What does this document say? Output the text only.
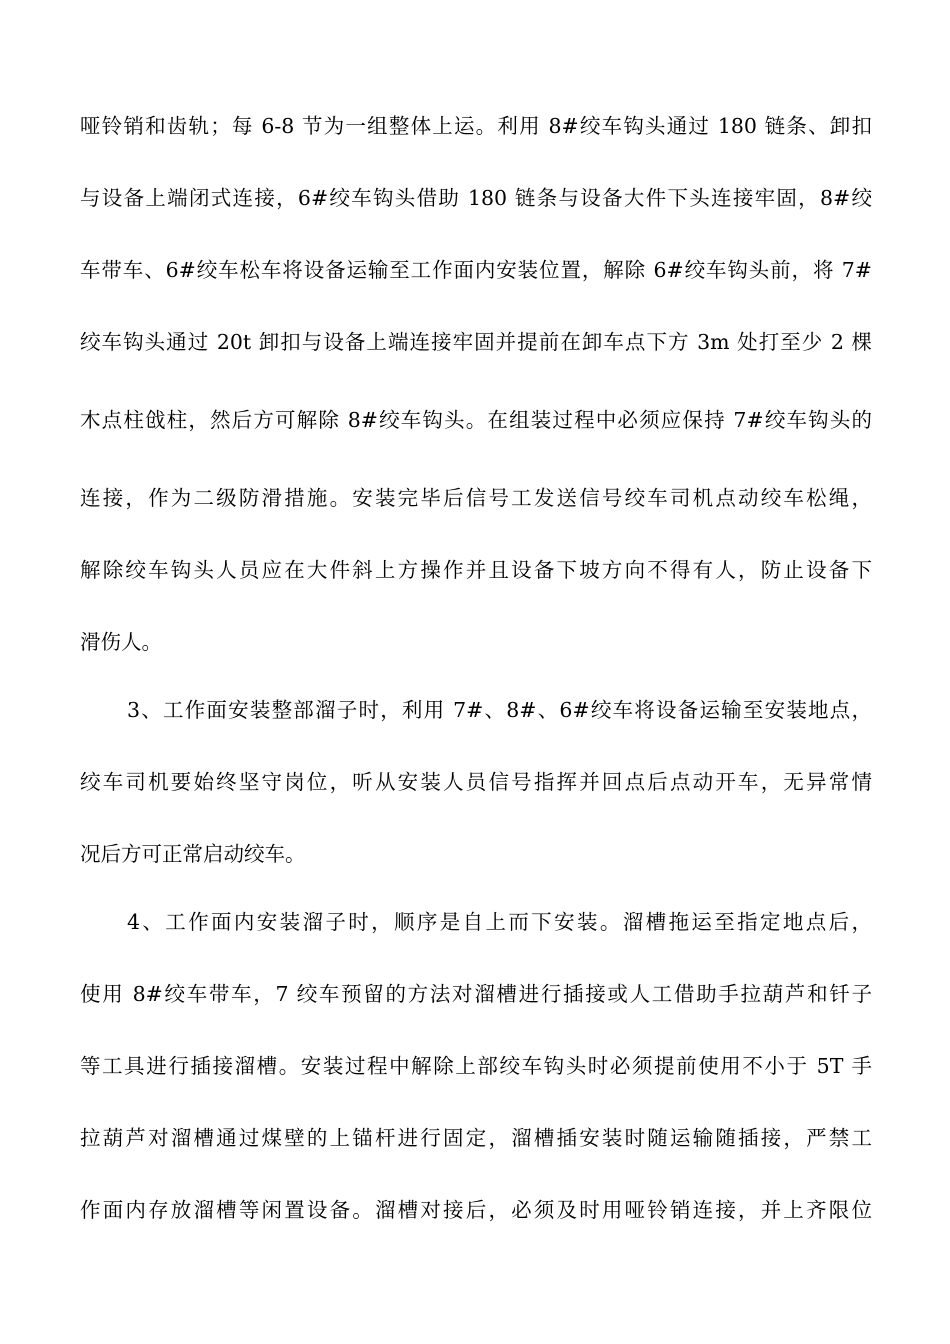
哑铃销和齿轨；每 6-8 节为一组整体上运。利用 8#绞车钩头通过 180 链条、卸扣
与设备上端闭式连接，6#绞车钩头借助 180 链条与设备大件下头连接牢固，8#绞
车带车、6#绞车松车将设备运输至工作面内安装位置，解除 6#绞车钩头前，将 7#
绞车钩头通过 20t 卸扣与设备上端连接牢固并提前在卸车点下方 3m 处打至少 2 棵
木点柱戗柱，然后方可解除 8#绞车钩头。在组装过程中必须应保持 7#绞车钩头的
连接，作为二级防滑措施。安装完毕后信号工发送信号绞车司机点动绞车松绳，
解除绞车钩头人员应在大件斜上方操作并且设备下坡方向不得有人，防止设备下
滑伤人。
3、工作面安装整部溜子时，利用 7#、8#、6#绞车将设备运输至安装地点，
绞车司机要始终坚守岗位，听从安装人员信号指挥并回点后点动开车，无异常情
况后方可正常启动绞车。
4、工作面内安装溜子时，顺序是自上而下安装。溜槽拖运至指定地点后，
使用 8#绞车带车，7 绞车预留的方法对溜槽进行插接或人工借助手拉葫芦和钎子
等工具进行插接溜槽。安装过程中解除上部绞车钩头时必须提前使用不小于 5T 手
拉葫芦对溜槽通过煤壁的上锚杆进行固定，溜槽插安装时随运输随插接，严禁工
作面内存放溜槽等闲置设备。溜槽对接后，必须及时用哑铃销连接，并上齐限位
